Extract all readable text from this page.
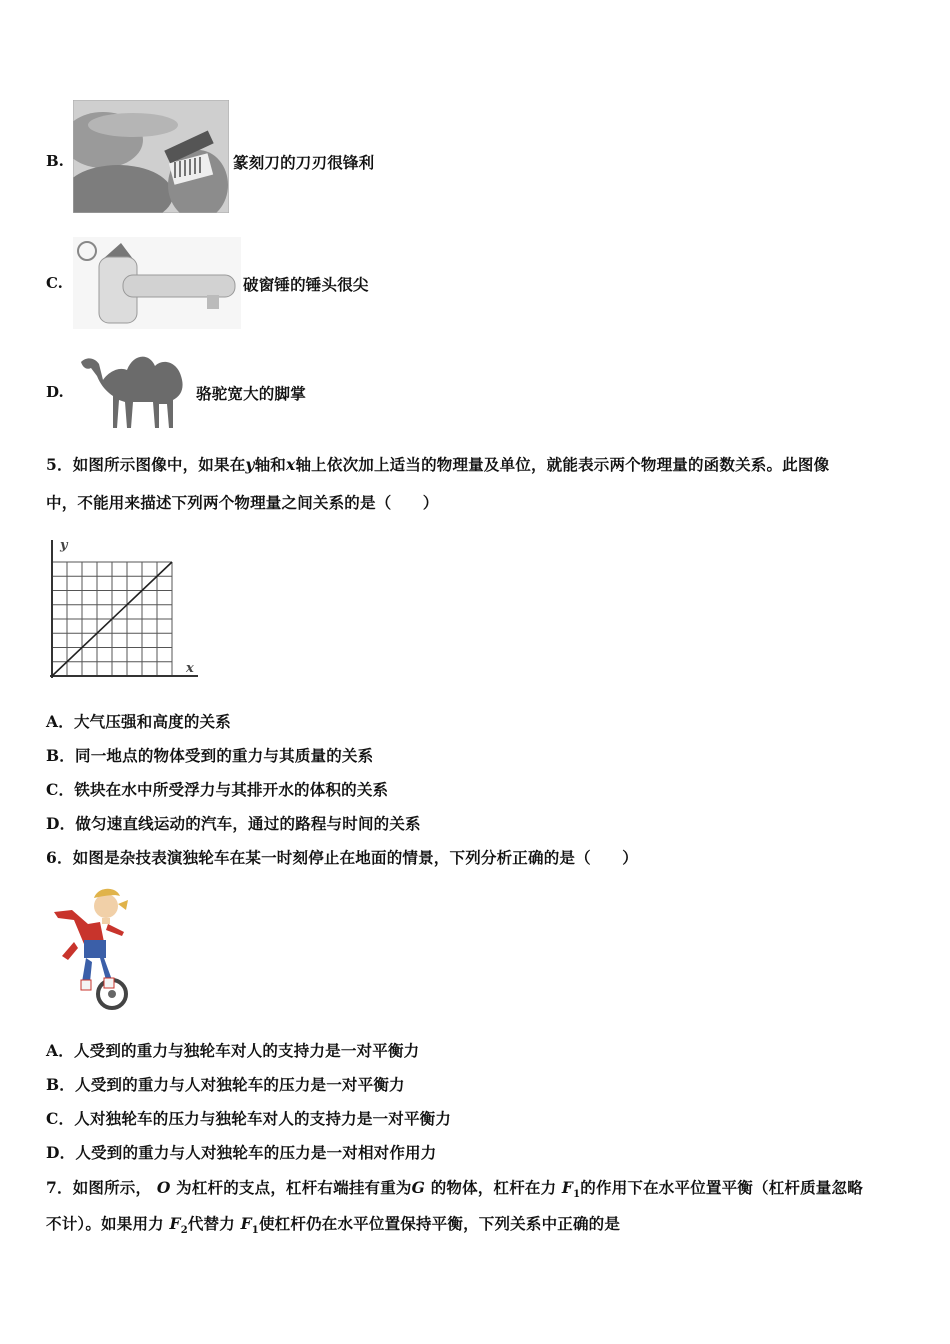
B.	篆刻刀的刀刃很锋利
C.	破窗锤的锤头很尖
D.	骆驼宽大的脚掌
5．如图所示图像中，如果在y轴和x轴上依次加上适当的物理量及单位，就能表示两个物理量的函数关系。此图像
中，不能用来描述下列两个物理量之间关系的是（　　）
y
x
A．大气压强和高度的关系
B．同一地点的物体受到的重力与其质量的关系
C．铁块在水中所受浮力与其排开水的体积的关系
D．做匀速直线运动的汽车，通过的路程与时间的关系
6．如图是杂技表演独轮车在某一时刻停止在地面的情景，下列分析正确的是（　　）
A．人受到的重力与独轮车对人的支持力是一对平衡力
B．人受到的重力与人对独轮车的压力是一对平衡力
C．人对独轮车的压力与独轮车对人的支持力是一对平衡力
D．人受到的重力与人对独轮车的压力是一对相对作用力
7．如图所示， O 为杠杆的支点，杠杆右端挂有重为G 的物体，杠杆在力 $F_1$的作用下在水平位置平衡（杠杆质量忽略
不计）。如果用力 $F_2$代替力 $F_1$使杠杆仍在水平位置保持平衡，下列关系中正确的是
